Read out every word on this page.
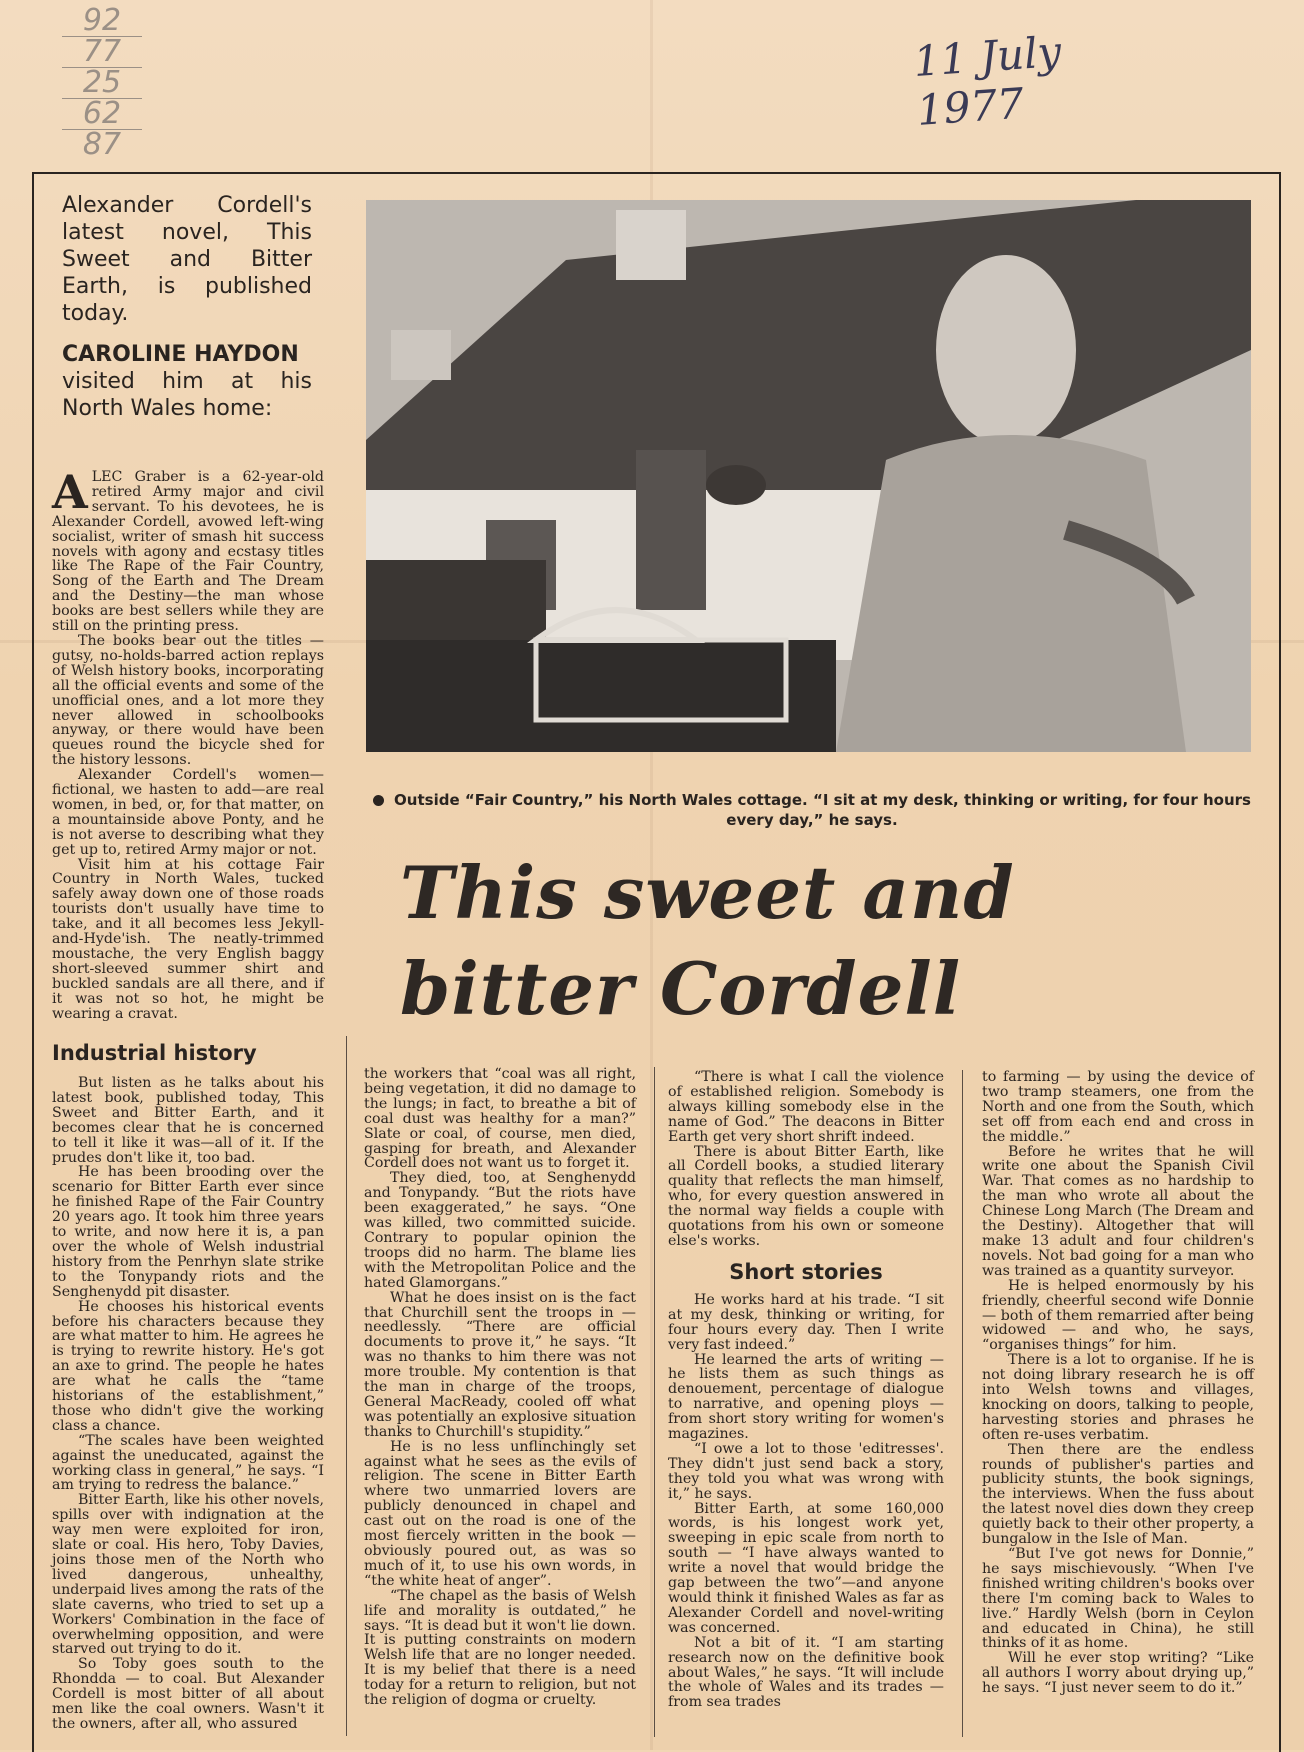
92
77
25
62
87
11 July 1977
Alexander Cordell's latest novel, This Sweet and Bitter Earth, is published today.
CAROLINE HAYDON
visited him at his North Wales home:
Outside “Fair Country,” his North Wales cottage. “I sit at my desk, thinking or writing, for four hours every day,” he says.
This sweet and bitter Cordell

ALEC Graber is a 62-year-old retired Army major and civil servant. To his devotees, he is Alexander Cordell, avowed left-wing socialist, writer of smash hit success novels with agony and ecstasy titles like The Rape of the Fair Country, Song of the Earth and The Dream and the Destiny—the man whose books are best sellers while they are still on the printing press.

The books bear out the titles — gutsy, no-holds-barred action replays of Welsh history books, incorporating all the official events and some of the unofficial ones, and a lot more they never allowed in schoolbooks anyway, or there would have been queues round the bicycle shed for the history lessons.

Alexander Cordell's women—fictional, we hasten to add—are real women, in bed, or, for that matter, on a mountainside above Ponty, and he is not averse to describing what they get up to, retired Army major or not.

Visit him at his cottage Fair Country in North Wales, tucked safely away down one of those roads tourists don't usually have time to take, and it all becomes less Jekyll-and-Hyde'ish. The neatly-trimmed moustache, the very English baggy short-sleeved summer shirt and buckled sandals are all there, and if it was not so hot, he might be wearing a cravat.

Industrial history

But listen as he talks about his latest book, published today, This Sweet and Bitter Earth, and it becomes clear that he is concerned to tell it like it was—all of it. If the prudes don't like it, too bad.

He has been brooding over the scenario for Bitter Earth ever since he finished Rape of the Fair Country 20 years ago. It took him three years to write, and now here it is, a pan over the whole of Welsh industrial history from the Penrhyn slate strike to the Tonypandy riots and the Senghenydd pit disaster.

He chooses his historical events before his characters because they are what matter to him. He agrees he is trying to rewrite history. He's got an axe to grind. The people he hates are what he calls the “tame historians of the establishment,” those who didn't give the working class a chance.

“The scales have been weighted against the uneducated, against the working class in general,” he says. “I am trying to redress the balance.”

Bitter Earth, like his other novels, spills over with indignation at the way men were exploited for iron, slate or coal. His hero, Toby Davies, joins those men of the North who lived dangerous, unhealthy, underpaid lives among the rats of the slate caverns, who tried to set up a Workers' Combination in the face of overwhelming opposition, and were starved out trying to do it.

So Toby goes south to the Rhondda — to coal. But Alexander Cordell is most bitter of all about men like the coal owners. Wasn't it the owners, after all, who assured

the workers that “coal was all right, being vegetation, it did no damage to the lungs; in fact, to breathe a bit of coal dust was healthy for a man?” Slate or coal, of course, men died, gasping for breath, and Alexander Cordell does not want us to forget it.

They died, too, at Senghenydd and Tonypandy. “But the riots have been exaggerated,” he says. “One was killed, two committed suicide. Contrary to popular opinion the troops did no harm. The blame lies with the Metropolitan Police and the hated Glamorgans.”

What he does insist on is the fact that Churchill sent the troops in — needlessly. “There are official documents to prove it,” he says. “It was no thanks to him there was not more trouble. My contention is that the man in charge of the troops, General MacReady, cooled off what was potentially an explosive situation thanks to Churchill's stupidity.”

He is no less unflinchingly set against what he sees as the evils of religion. The scene in Bitter Earth where two unmarried lovers are publicly denounced in chapel and cast out on the road is one of the most fiercely written in the book — obviously poured out, as was so much of it, to use his own words, in “the white heat of anger”.

“The chapel as the basis of Welsh life and morality is outdated,” he says. “It is dead but it won't lie down. It is putting constraints on modern Welsh life that are no longer needed. It is my belief that there is a need today for a return to religion, but not the religion of dogma or cruelty.

“There is what I call the violence of established religion. Somebody is always killing somebody else in the name of God.” The deacons in Bitter Earth get very short shrift indeed.

There is about Bitter Earth, like all Cordell books, a studied literary quality that reflects the man himself, who, for every question answered in the normal way fields a couple with quotations from his own or someone else's works.

Short stories

He works hard at his trade. “I sit at my desk, thinking or writing, for four hours every day. Then I write very fast indeed.”

He learned the arts of writing —he lists them as such things as denouement, percentage of dialogue to narrative, and opening ploys — from short story writing for women's magazines.

“I owe a lot to those 'editresses'. They didn't just send back a story, they told you what was wrong with it,” he says.

Bitter Earth, at some 160,000 words, is his longest work yet, sweeping in epic scale from north to south — “I have always wanted to write a novel that would bridge the gap between the two”—and anyone would think it finished Wales as far as Alexander Cordell and novel-writing was concerned.

Not a bit of it. “I am starting research now on the definitive book about Wales,” he says. “It will include the whole of Wales and its trades — from sea trades

to farming — by using the device of two tramp steamers, one from the North and one from the South, which set off from each end and cross in the middle.”

Before he writes that he will write one about the Spanish Civil War. That comes as no hardship to the man who wrote all about the Chinese Long March (The Dream and the Destiny). Altogether that will make 13 adult and four children's novels. Not bad going for a man who was trained as a quantity surveyor.

He is helped enormously by his friendly, cheerful second wife Donnie — both of them remarried after being widowed — and who, he says, “organises things” for him.

There is a lot to organise. If he is not doing library research he is off into Welsh towns and villages, knocking on doors, talking to people, harvesting stories and phrases he often re-uses verbatim.

Then there are the endless rounds of publisher's parties and publicity stunts, the book signings, the interviews. When the fuss about the latest novel dies down they creep quietly back to their other property, a bungalow in the Isle of Man.

“But I've got news for Donnie,” he says mischievously. “When I've finished writing children's books over there I'm coming back to Wales to live.” Hardly Welsh (born in Ceylon and educated in China), he still thinks of it as home.

Will he ever stop writing? “Like all authors I worry about drying up,” he says. “I just never seem to do it.”
